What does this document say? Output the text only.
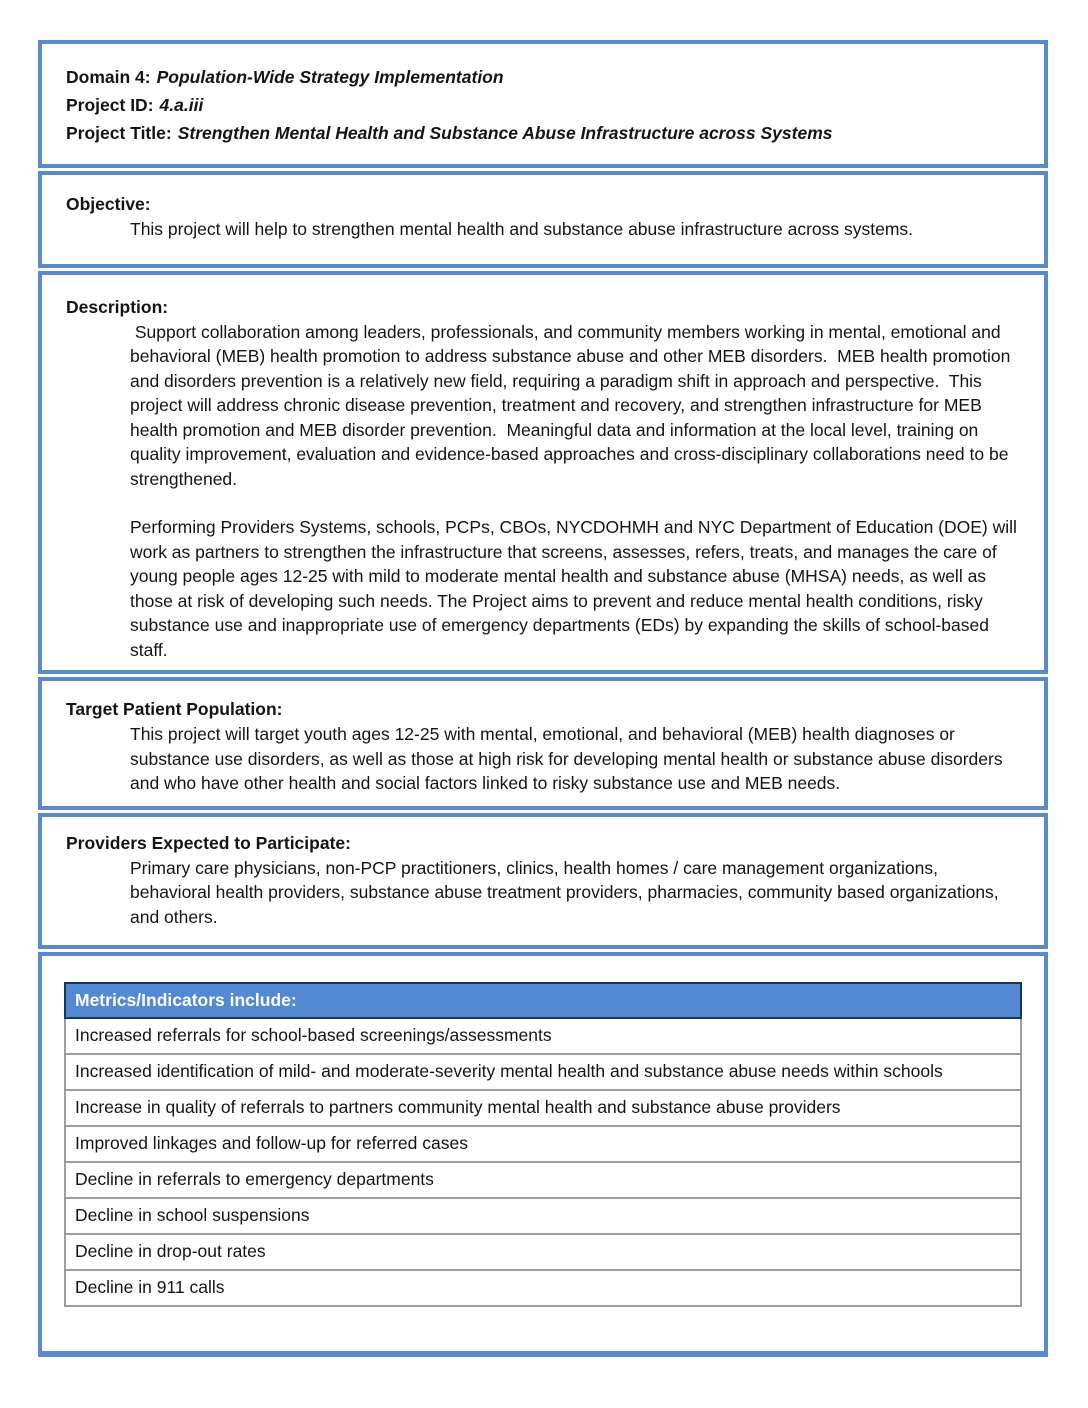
Domain 4: Population-Wide Strategy Implementation
Project ID: 4.a.iii
Project Title: Strengthen Mental Health and Substance Abuse Infrastructure across Systems
Objective:
This project will help to strengthen mental health and substance abuse infrastructure across systems.
Description:
Support collaboration among leaders, professionals, and community members working in mental, emotional and behavioral (MEB) health promotion to address substance abuse and other MEB disorders.  MEB health promotion and disorders prevention is a relatively new field, requiring a paradigm shift in approach and perspective.  This project will address chronic disease prevention, treatment and recovery, and strengthen infrastructure for MEB health promotion and MEB disorder prevention.  Meaningful data and information at the local level, training on quality improvement, evaluation and evidence-based approaches and cross-disciplinary collaborations need to be strengthened.
Performing Providers Systems, schools, PCPs, CBOs, NYCDOHMH and NYC Department of Education (DOE) will work as partners to strengthen the infrastructure that screens, assesses, refers, treats, and manages the care of young people ages 12-25 with mild to moderate mental health and substance abuse (MHSA) needs, as well as those at risk of developing such needs. The Project aims to prevent and reduce mental health conditions, risky substance use and inappropriate use of emergency departments (EDs) by expanding the skills of school-based staff.
Target Patient Population:
This project will target youth ages 12-25 with mental, emotional, and behavioral (MEB) health diagnoses or substance use disorders, as well as those at high risk for developing mental health or substance abuse disorders and who have other health and social factors linked to risky substance use and MEB needs.
Providers Expected to Participate:
Primary care physicians, non-PCP practitioners, clinics, health homes / care management organizations, behavioral health providers, substance abuse treatment providers, pharmacies, community based organizations, and others.
Metrics/Indicators include:
Increased referrals for school-based screenings/assessments
Increased identification of mild- and moderate-severity mental health and substance abuse needs within schools
Increase in quality of referrals to partners community mental health and substance abuse providers
Improved linkages and follow-up for referred cases
Decline in referrals to emergency departments
Decline in school suspensions
Decline in drop-out rates
Decline in 911 calls
